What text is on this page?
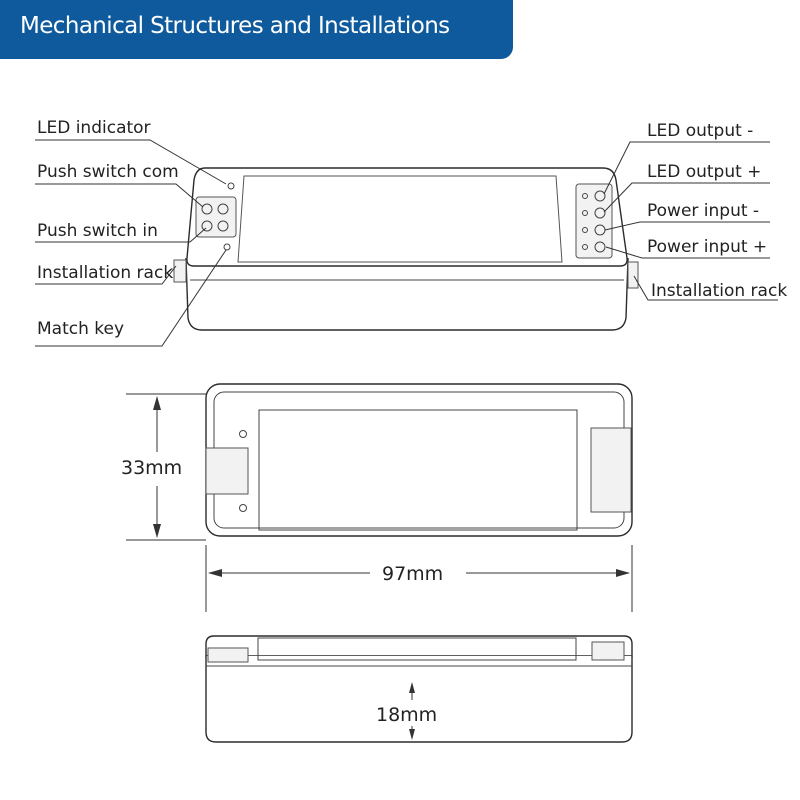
Mechanical Structures and Installations
LED indicator
Push switch com
Push switch in
Installation rack
Match key
LED output -
LED output +
Power input -
Power input +
Installation rack
33mm
97mm
18mm
